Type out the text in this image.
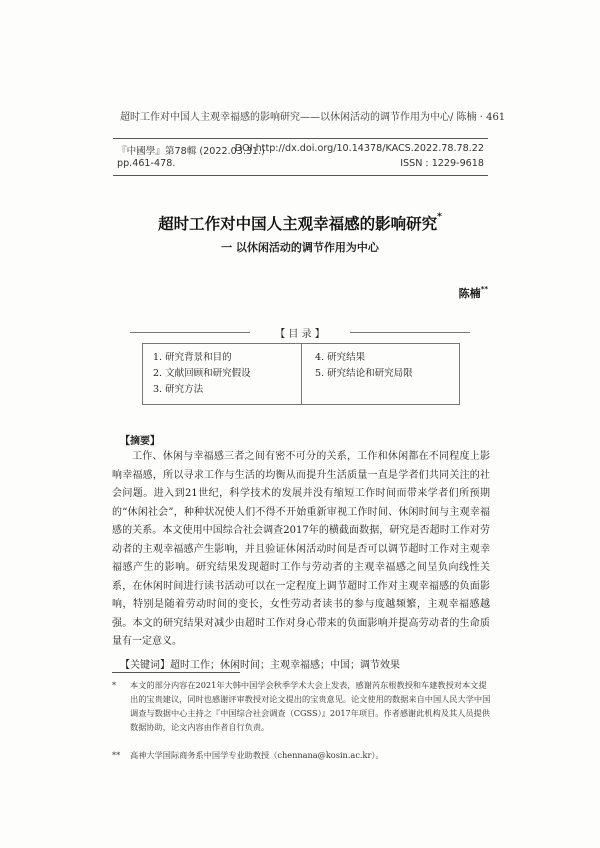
超时工作对中国人主观幸福感的影响研究——以休闲活动的调节作用为中心/ 陈楠 · 461
『中國學』第78輯 (2022.03.31.)
DOI http://dx.doi.org/10.14378/KACS.2022.78.78.22
pp.461-478.	ISSN : 1229-9618
超时工作对中国人主观幸福感的影响研究*
一 以休闲活动的调节作用为中心
陈楠**
【 目 录 】
1. 研究背景和目的
2. 文献回顾和研究假设
3. 研究方法
4. 研究结果
5. 研究结论和研究局限
【摘要】

工作、休闲与幸福感三者之间有密不可分的关系，工作和休闲都在不同程度上影响幸福感，所以寻求工作与生活的均衡从而提升生活质量一直是学者们共同关注的社会问题。进入到21世纪，科学技术的发展并没有缩短工作时间而带来学者们所预期的“休闲社会”，种种状况使人们不得不开始重新审视工作时间、休闲时间与主观幸福感的关系。本文使用中国综合社会调查2017年的横截面数据，研究是否超时工作对劳动者的主观幸福感产生影响，并且验证休闲活动时间是否可以调节超时工作对主观幸福感产生的影响。研究结果发现超时工作与劳动者的主观幸福感之间呈负向线性关系，在休闲时间进行读书活动可以在一定程度上调节超时工作对主观幸福感的负面影响，特别是随着劳动时间的变长，女性劳动者读书的参与度越频繁，主观幸福感越强。本文的研究结果对减少由超时工作对身心带来的负面影响并提高劳动者的生命质量有一定意义。

【关键词】超时工作；休闲时间；主观幸福感；中国；调节效果
*	本文的部分内容在2021年大韩中国学会秋季学术大会上发表，感谢芮东根教授和车建教授对本文提出的宝贵建议，同时也感谢评审教授对论文提出的宝贵意见。论文使用的数据来自中国人民大学中国调查与数据中心主持之『中国综合社会调查（CGSS）』2017年项目。作者感谢此机构及其人员提供数据协助，论文内容由作者自行负责。
**	高神大学国际商务系中国学专业助教授（chennana@kosin.ac.kr）。
